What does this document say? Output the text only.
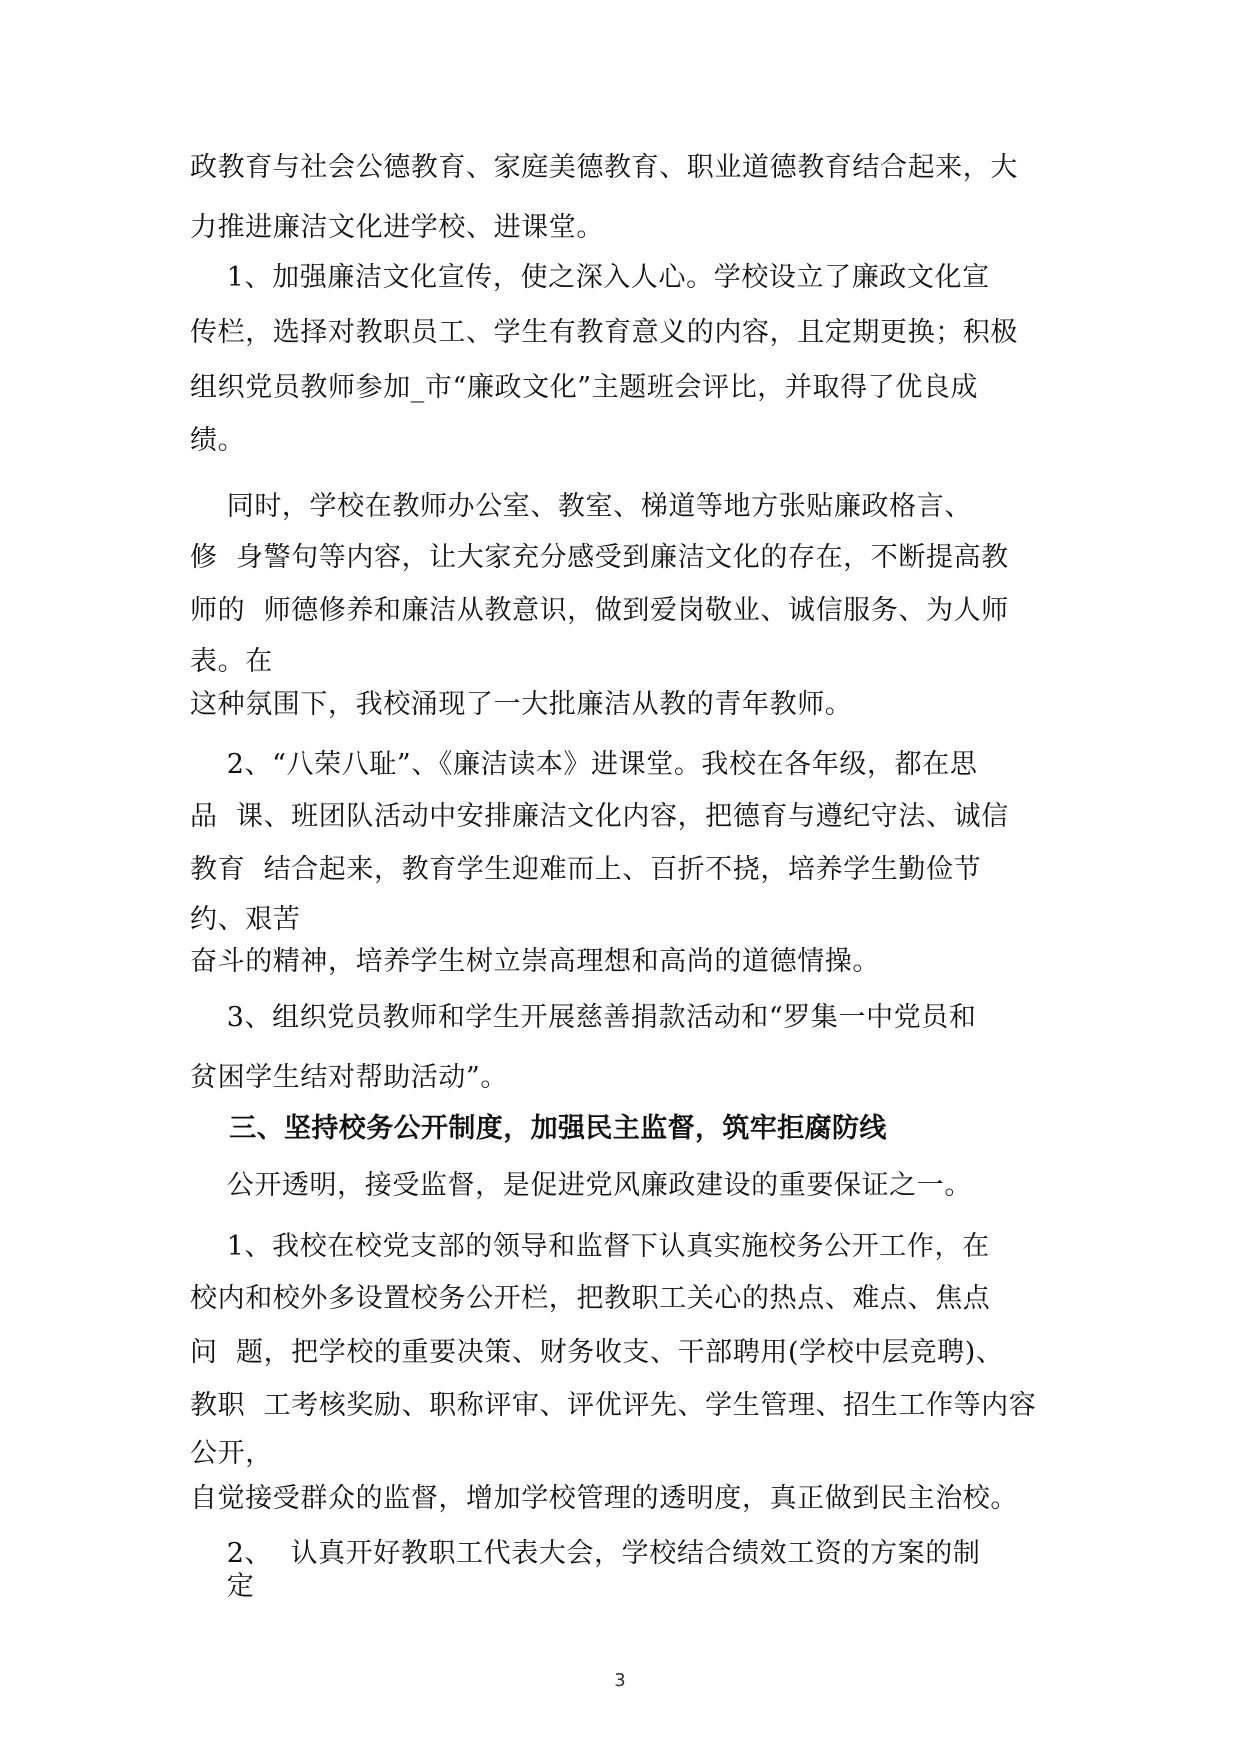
政教育与社会公德教育、家庭美德教育、职业道德教育结合起来，大
力推进廉洁文化进学校、进课堂。
1、加强廉洁文化宣传，使之深入人心。学校设立了廉政文化宣
传栏，选择对教职员工、学生有教育意义的内容，且定期更换；积极
组织党员教师参加_市“廉政文化”主题班会评比，并取得了优良成
绩。
同时，学校在教师办公室、教室、梯道等地方张贴廉政格言、
修  身警句等内容，让大家充分感受到廉洁文化的存在，不断提高教
师的  师德修养和廉洁从教意识，做到爱岗敬业、诚信服务、为人师
表。在
这种氛围下，我校涌现了一大批廉洁从教的青年教师。
2、“八荣八耻”、《廉洁读本》进课堂。我校在各年级，都在思
品  课、班团队活动中安排廉洁文化内容，把德育与遵纪守法、诚信
教育  结合起来，教育学生迎难而上、百折不挠，培养学生勤俭节
约、艰苦
奋斗的精神，培养学生树立崇高理想和高尚的道德情操。
3、组织党员教师和学生开展慈善捐款活动和“罗集一中党员和
贫困学生结对帮助活动”。
三、坚持校务公开制度，加强民主监督，筑牢拒腐防线
公开透明，接受监督，是促进党风廉政建设的重要保证之一。
1、我校在校党支部的领导和监督下认真实施校务公开工作，在
校内和校外多设置校务公开栏，把教职工关心的热点、难点、焦点
问  题，把学校的重要决策、财务收支、干部聘用(学校中层竞聘)、
教职  工考核奖励、职称评审、评优评先、学生管理、招生工作等内容
公开，
自觉接受群众的监督，增加学校管理的透明度，真正做到民主治校。
2、  认真开好教职工代表大会，学校结合绩效工资的方案的制
定
3
